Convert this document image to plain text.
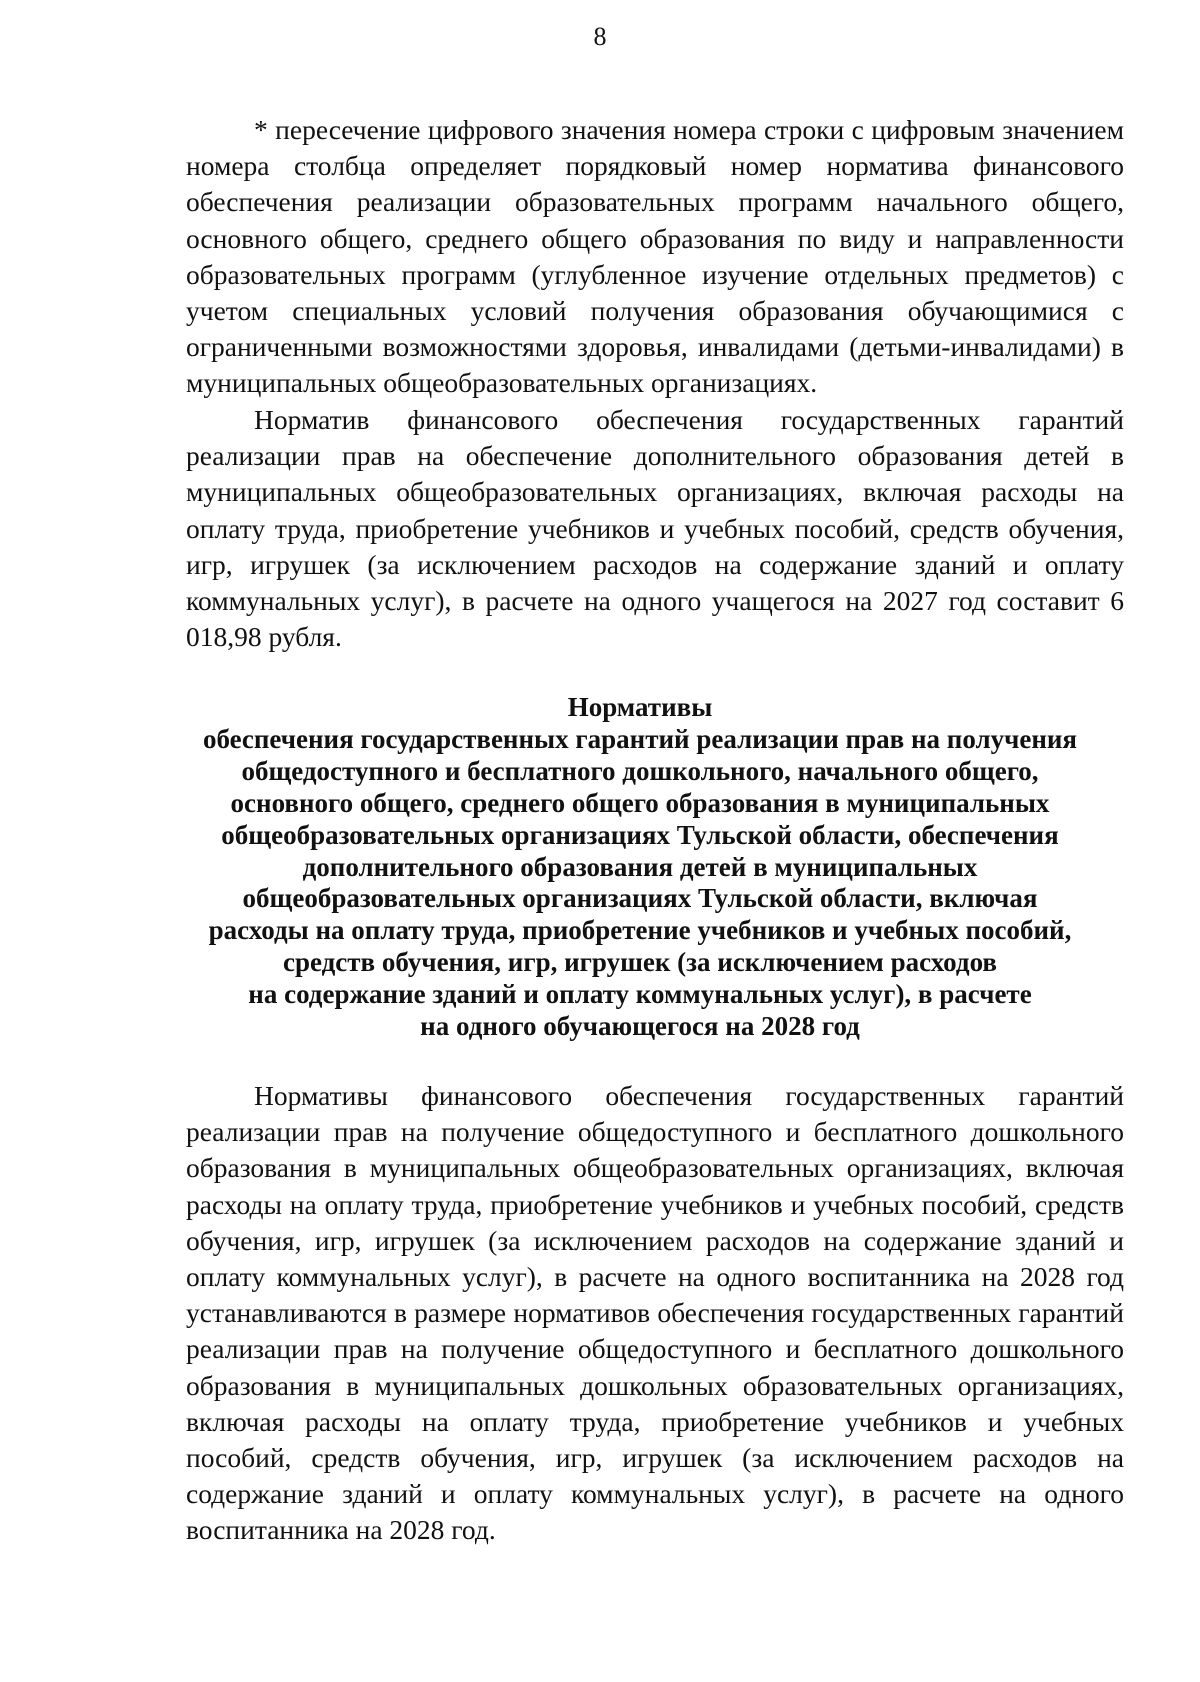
8

* пересечение цифрового значения номера строки с цифровым значением номера столбца определяет порядковый номер норматива финансового обеспечения реализации образовательных программ начального общего, основного общего, среднего общего образования по виду и направленности образовательных программ (углубленное изучение отдельных предметов) с учетом специальных условий получения образования обучающимися с ограниченными возможностями здоровья, инвалидами (детьми-инвалидами) в муниципальных общеобразовательных организациях.

Норматив финансового обеспечения государственных гарантий реализации прав на обеспечение дополнительного образования детей в муниципальных общеобразовательных организациях, включая расходы на оплату труда, приобретение учебников и учебных пособий, средств обучения, игр, игрушек (за исключением расходов на содержание зданий и оплату коммунальных услуг), в расчете на одного учащегося на 2027 год составит 6 018,98 рубля.

Нормативы
обеспечения государственных гарантий реализации прав на получения
общедоступного и бесплатного дошкольного, начального общего,
основного общего, среднего общего образования в муниципальных
общеобразовательных организациях Тульской области, обеспечения
дополнительного образования детей в муниципальных
общеобразовательных организациях Тульской области, включая
расходы на оплату труда, приобретение учебников и учебных пособий,
средств обучения, игр, игрушек (за исключением расходов
на содержание зданий и оплату коммунальных услуг), в расчете
на одного обучающегося на 2028 год

Нормативы финансового обеспечения государственных гарантий реализации прав на получение общедоступного и бесплатного дошкольного образования в муниципальных общеобразовательных организациях, включая расходы на оплату труда, приобретение учебников и учебных пособий, средств обучения, игр, игрушек (за исключением расходов на содержание зданий и оплату коммунальных услуг), в расчете на одного воспитанника на 2028 год устанавливаются в размере нормативов обеспечения государственных гарантий реализации прав на получение общедоступного и бесплатного дошкольного образования в муниципальных дошкольных образовательных организациях, включая расходы на оплату труда, приобретение учебников и учебных пособий, средств обучения, игр, игрушек (за исключением расходов на содержание зданий и оплату коммунальных услуг), в расчете на одного воспитанника на 2028 год.
